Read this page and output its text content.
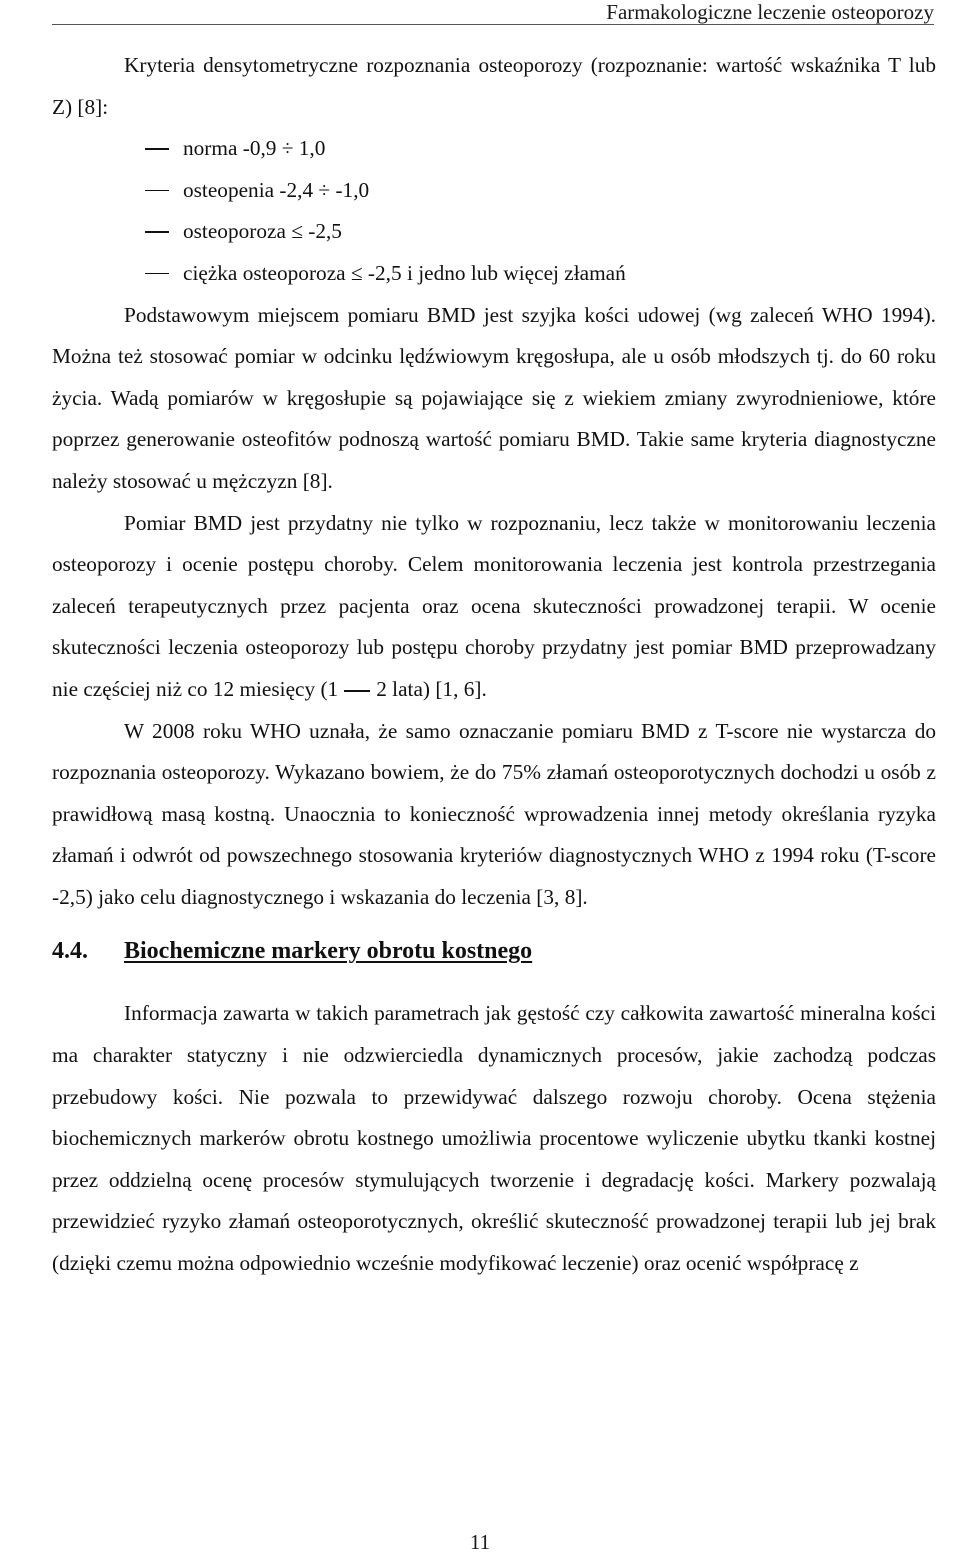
Farmakologiczne leczenie osteoporozy

Kryteria densytometryczne rozpoznania osteoporozy (rozpoznanie: wartość wskaźnika T lub Z) [8]:

norma -0,9 ÷ 1,0
osteopenia -2,4 ÷ -1,0
osteoporoza ≤ -2,5
ciężka osteoporoza ≤ -2,5 i jedno lub więcej złamań

Podstawowym miejscem pomiaru BMD jest szyjka kości udowej (wg zaleceń WHO 1994). Można też stosować pomiar w odcinku lędźwiowym kręgosłupa, ale u osób młodszych tj. do 60 roku życia. Wadą pomiarów w kręgosłupie są pojawiające się z wiekiem zmiany zwyrodnieniowe, które poprzez generowanie osteofitów podnoszą wartość pomiaru BMD. Takie same kryteria diagnostyczne należy stosować u mężczyzn [8].

Pomiar BMD jest przydatny nie tylko w rozpoznaniu, lecz także w monitorowaniu leczenia osteoporozy i ocenie postępu choroby. Celem monitorowania leczenia jest kontrola przestrzegania zaleceń terapeutycznych przez pacjenta oraz ocena skuteczności prowadzonej terapii. W ocenie skuteczności leczenia osteoporozy lub postępu choroby przydatny jest pomiar BMD przeprowadzany nie częściej niż co 12 miesięcy (1 2 lata) [1, 6].

W 2008 roku WHO uznała, że samo oznaczanie pomiaru BMD z T-score nie wystarcza do rozpoznania osteoporozy. Wykazano bowiem, że do 75% złamań osteoporotycznych dochodzi u osób z prawidłową masą kostną. Unaocznia to konieczność wprowadzenia innej metody określania ryzyka złamań i odwrót od powszechnego stosowania kryteriów diagnostycznych WHO z 1994 roku (T-score -2,5) jako celu diagnostycznego i wskazania do leczenia [3, 8].

4.4.	Biochemiczne markery obrotu kostnego

Informacja zawarta w takich parametrach jak gęstość czy całkowita zawartość mineralna kości ma charakter statyczny i nie odzwierciedla dynamicznych procesów, jakie zachodzą podczas przebudowy kości. Nie pozwala to przewidywać dalszego rozwoju choroby. Ocena stężenia biochemicznych markerów obrotu kostnego umożliwia procentowe wyliczenie ubytku tkanki kostnej przez oddzielną ocenę procesów stymulujących tworzenie i degradację kości. Markery pozwalają przewidzieć ryzyko złamań osteoporotycznych, określić skuteczność prowadzonej terapii lub jej brak (dzięki czemu można odpowiednio wcześnie modyfikować leczenie) oraz ocenić współpracę z

11
